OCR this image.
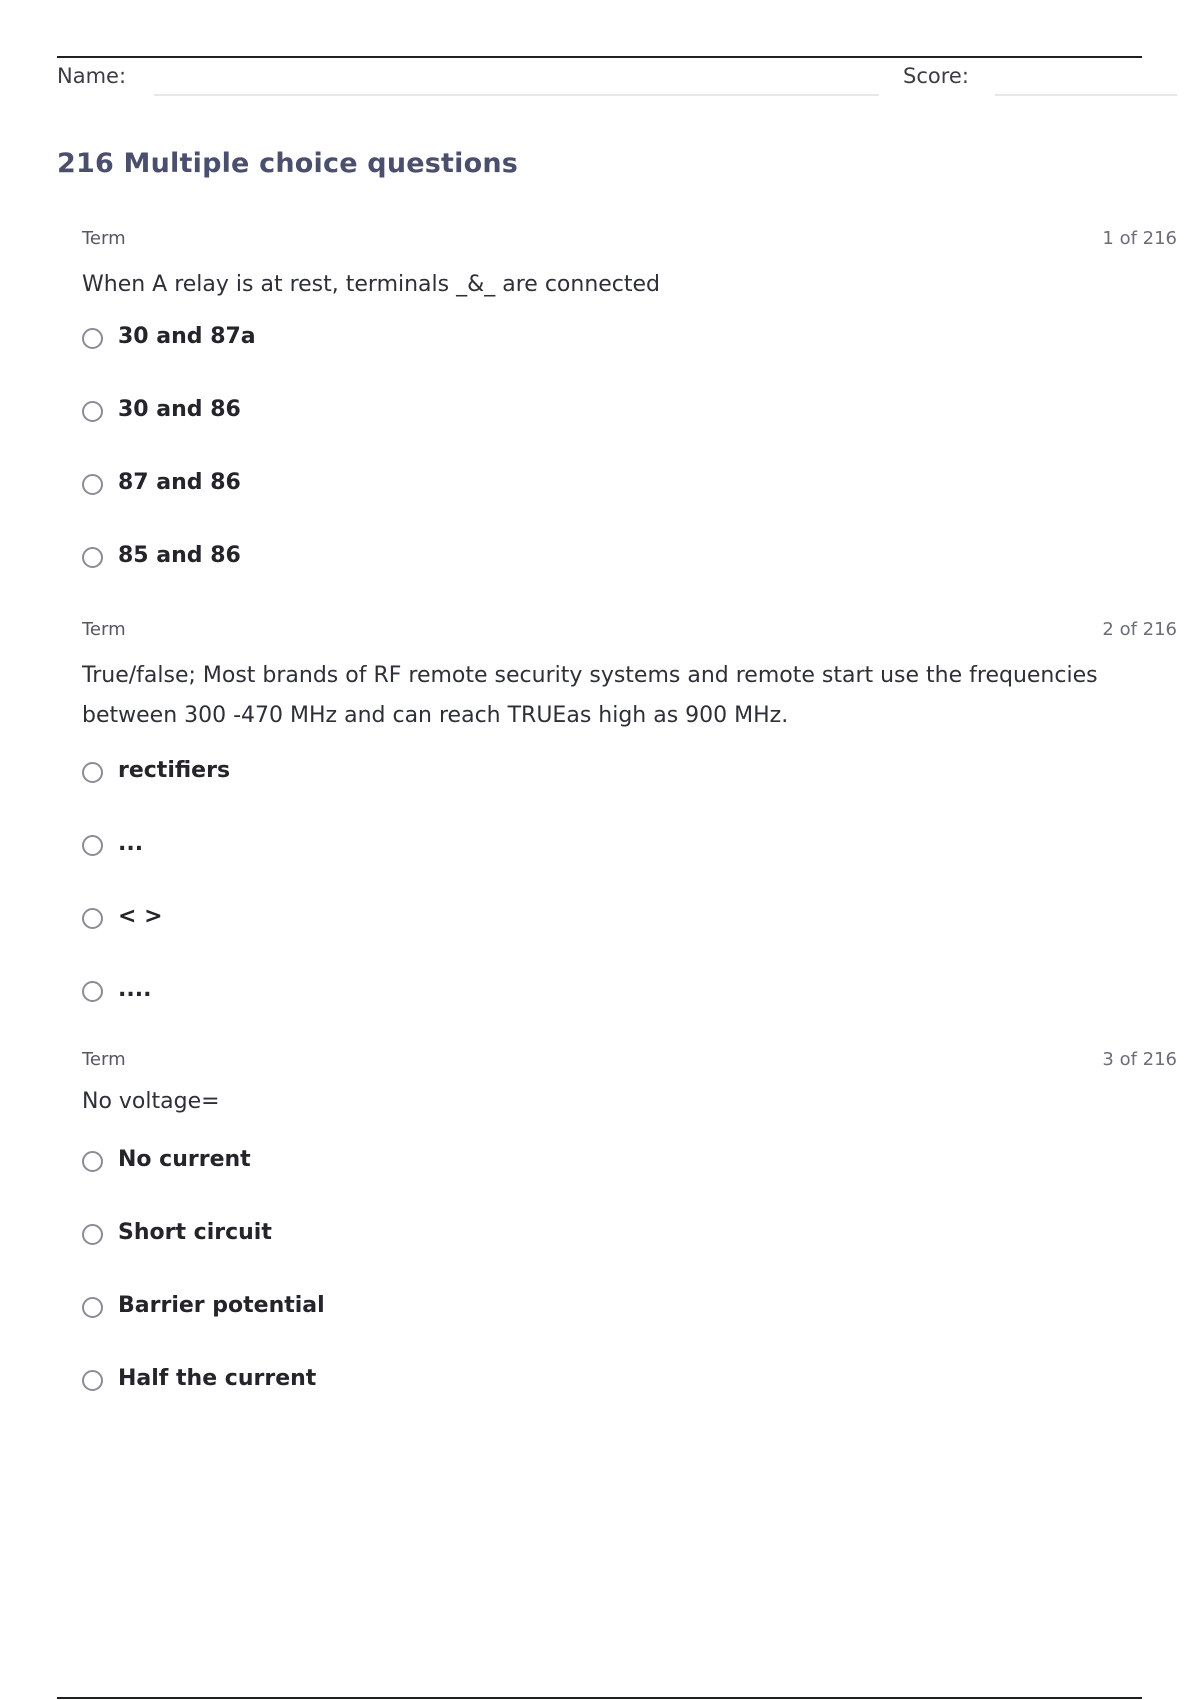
Name:	Score:
216 Multiple choice questions
Term	1 of 216
When A relay is at rest, terminals _&_ are connected
30 and 87a
30 and 86
87 and 86
85 and 86
Term	2 of 216
True/false; Most brands of RF remote security systems and remote start use the frequencies between 300 -470 MHz and can reach TRUEas high as 900 MHz.
rectifiers
...
< >
....
Term	3 of 216
No voltage=
No current
Short circuit
Barrier potential
Half the current
